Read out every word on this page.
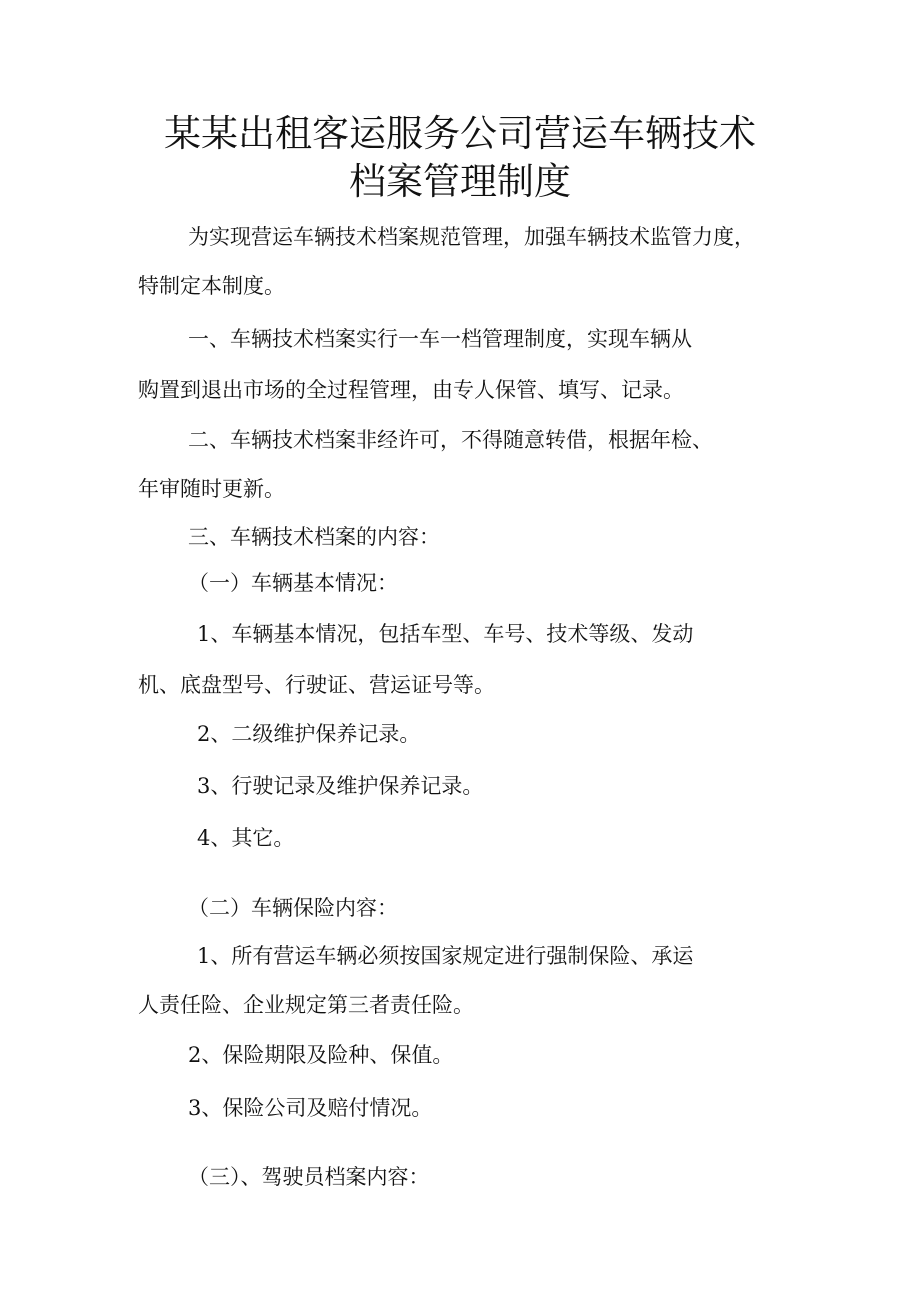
某某出租客运服务公司营运车辆技术
档案管理制度

为实现营运车辆技术档案规范管理，加强车辆技术监管力度，

特制定本制度。

一、车辆技术档案实行一车一档管理制度，实现车辆从

购置到退出市场的全过程管理，由专人保管、填写、记录。

二、车辆技术档案非经许可，不得随意转借，根据年检、

年审随时更新。

三、车辆技术档案的内容：

（一）车辆基本情况：

1、车辆基本情况，包括车型、车号、技术等级、发动

机、底盘型号、行驶证、营运证号等。

2、二级维护保养记录。

3、行驶记录及维护保养记录。

4、其它。

（二）车辆保险内容：

1、所有营运车辆必须按国家规定进行强制保险、承运

人责任险、企业规定第三者责任险。

2、保险期限及险种、保值。

3、保险公司及赔付情况。

（三）、驾驶员档案内容：
